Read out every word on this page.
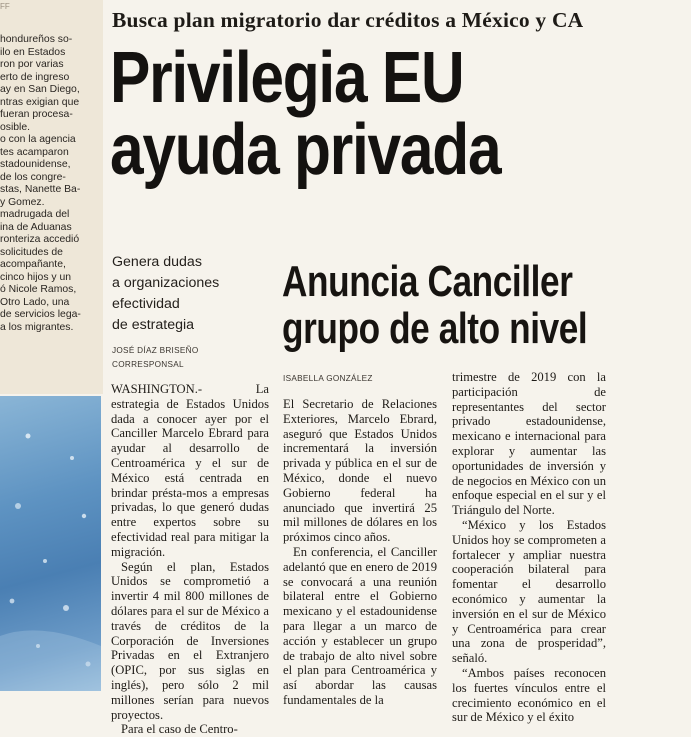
FF
hondureños so-
ilo en Estados
ron por varias
erto de ingreso
ay en San Diego,
ntras exigian que
fueran procesa-
osible.
o con la agencia
tes acamparon
stadounidense,
de los congre-
stas, Nanette Ba-
y Gomez.
madrugada del
ina de Aduanas
ronteriza accedió
solicitudes de
acompañante,
cinco hijos y un
ó Nicole Ramos,
Otro Lado, una
de servicios lega-
a los migrantes.
Busca plan migratorio dar créditos a México y CA
Privilegia EU
ayuda privada
Genera dudas
a organizaciones
efectividad
de estrategia
JOSÉ DÍAZ BRISEÑO
CORRESPONSAL
Anuncia Canciller
grupo de alto nivel
ISABELLA GONZÁLEZ

WASHINGTON.- La estrategia de Estados Unidos dada a conocer ayer por el Canciller Marcelo Ebrard para ayudar al desarrollo de Centroamérica y el sur de México está centrada en brindar présta-mos a empresas privadas, lo que generó dudas entre expertos sobre su efectividad real para mitigar la migración.

Según el plan, Estados Unidos se comprometió a invertir 4 mil 800 millones de dólares para el sur de México a través de créditos de la Corporación de Inversiones Privadas en el Extranjero (OPIC, por sus siglas en inglés), pero sólo 2 mil millones serían para nuevos proyectos.

Para el caso de Centro-

El Secretario de Relaciones Exteriores, Marcelo Ebrard, aseguró que Estados Unidos incrementará la inversión privada y pública en el sur de México, donde el nuevo Gobierno federal ha anunciado que invertirá 25 mil millones de dólares en los próximos cinco años.

En conferencia, el Canciller adelantó que en enero de 2019 se convocará a una reunión bilateral entre el Gobierno mexicano y el estadounidense para llegar a un marco de acción y establecer un grupo de trabajo de alto nivel sobre el plan para Centroamérica y así abordar las causas fundamentales de la

trimestre de 2019 con la participación de representantes del sector privado estadounidense, mexicano e internacional para explorar y aumentar las oportunidades de inversión y de negocios en México con un enfoque especial en el sur y el Triángulo del Norte.

“México y los Estados Unidos hoy se comprometen a fortalecer y ampliar nuestra cooperación bilateral para fomentar el desarrollo económico y aumentar la inversión en el sur de México y Centroamérica para crear una zona de prosperidad”, señaló.

“Ambos países reconocen los fuertes vínculos entre el crecimiento económico en el sur de México y el éxito
